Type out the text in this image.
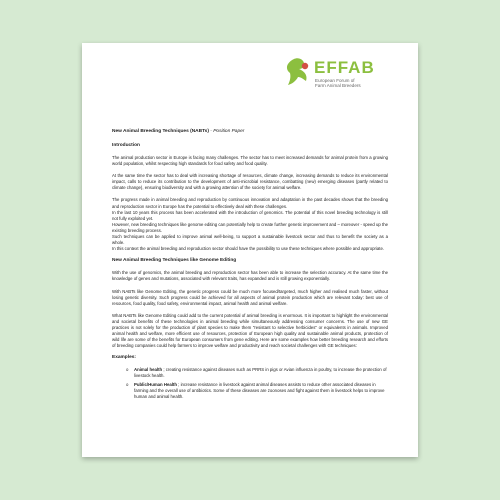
EFFAB
European Forum of
Farm Animal Breeders
New Animal Breeding Techniques (NABTs) - Position Paper
Introduction

The animal production sector in Europe is facing many challenges. The sector has to meet increased demands for animal protein from a growing world population, whilst respecting high standards for food safety and food quality.

At the same time the sector has to deal with increasing shortage of resources, climate change, increasing demands to reduce its environmental impact, calls to reduce its contribution to the development of anti-microbial resistance, combatting (new) emerging diseases (partly related to climate change), ensuring biodiversity and with a growing attention of the society for animal welfare.

The progress made in animal breeding and reproduction by continuous innovation and adaptation in the past decades shows that the breeding and reproduction sector in Europe has the potential to effectively deal with these challenges.
In the last 10 years this process has been accelerated with the introduction of genomics. The potential of this novel breeding technology is still not fully exploited yet.
However, new breeding techniques like genome editing can potentially help to create further genetic improvement and – moreover - speed up the existing breeding process.
Such techniques can be applied to improve animal well-being, to support a sustainable livestock sector and thus to benefit the society as a whole.
In this context the animal breeding and reproduction sector should have the possibility to use these techniques where possible and appropriate.
New Animal Breeding Techniques like Genome Editing

With the use of genomics, the animal breeding and reproduction sector has been able to increase the selection accuracy. At the same time the knowledge of genes and mutations, associated with relevant traits, has expanded and is still growing exponentially.

With NABTs like Genome Editing, the genetic progress could be much more focused/targeted, much higher and realised much faster, without losing genetic diversity. Such progress could be achieved for all aspects of animal protein production which are relevant today: best use of resources, food quality, food safety, environmental impact, animal health and animal welfare.

What NABTs like Genome Editing could add to the current potential of animal breeding is enormous. It is important to highlight the environmental and societal benefits of these technologies in animal breeding while simultaneously addressing consumer concerns. The use of new GE practices is not solely for the production of plant species to make them "resistant to selective herbicides" or equivalents in animals. Improved animal health and welfare, more efficient use of resources, protection of European high quality and sustainable animal products, protection of wild life are some of the benefits for European consumers from gene editing. Here are some examples how better breeding research and efforts of breeding companies could help farmers to improve welfare and productivity and reach societal challenges with GE techniques:

Examples:
o Animal health ; creating resistance against diseases such as PRRS in pigs or Avian influenza in poultry, to increase the protection of livestock health.
o Public/Human Health ; increase resistance in livestock against animal diseases assists to reduce other associated diseases in farming and the overall use of antibiotics. Some of these diseases are zoonoses and fight against them in livestock helps to improve human and animal health.
